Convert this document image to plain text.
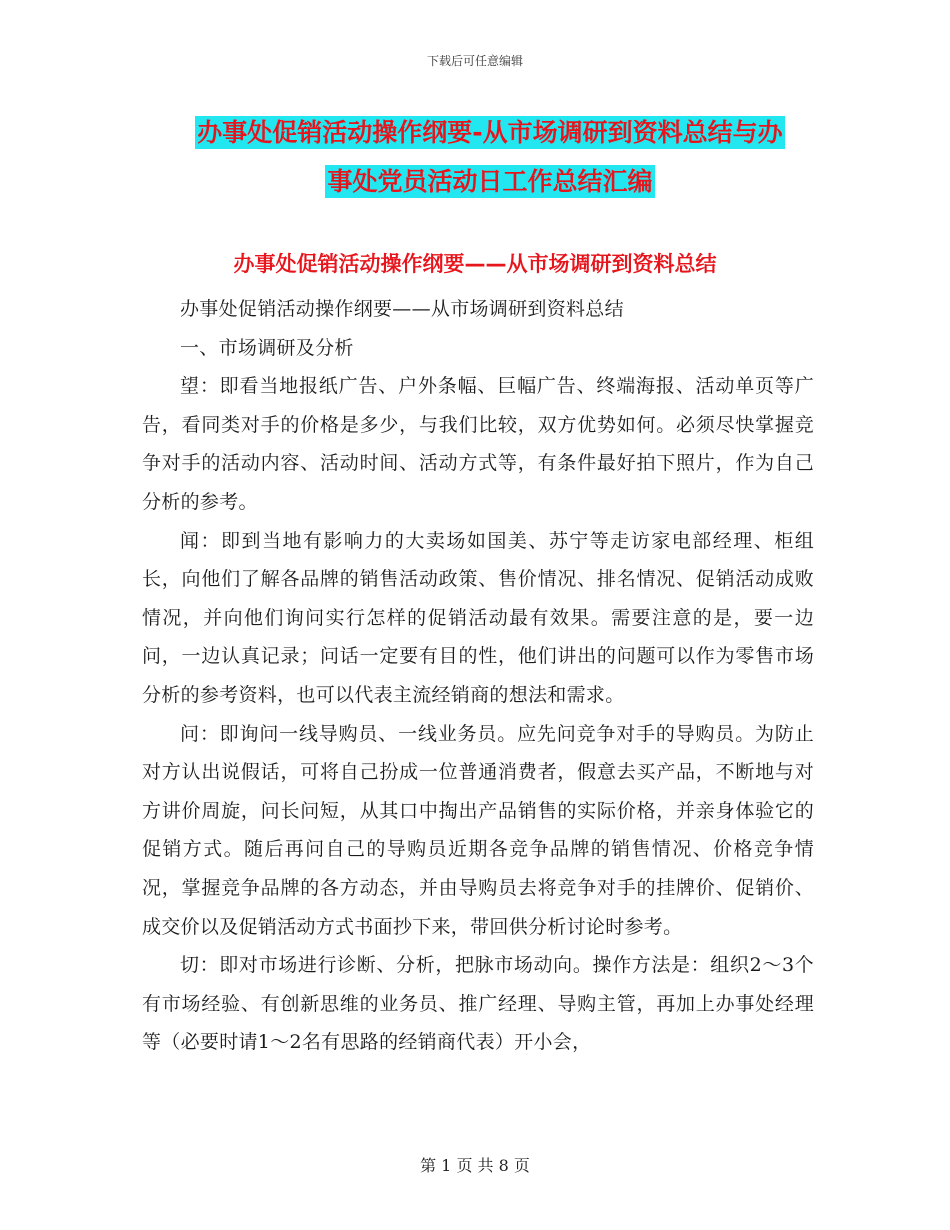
下载后可任意编辑
办事处促销活动操作纲要-从市场调研到资料总结与办
事处党员活动日工作总结汇编
办事处促销活动操作纲要——从市场调研到资料总结

办事处促销活动操作纲要——从市场调研到资料总结

一、市场调研及分析

望：即看当地报纸广告、户外条幅、巨幅广告、终端海报、活动单页等广告，看同类对手的价格是多少，与我们比较，双方优势如何。必须尽快掌握竞争对手的活动内容、活动时间、活动方式等，有条件最好拍下照片，作为自己分析的参考。

闻：即到当地有影响力的大卖场如国美、苏宁等走访家电部经理、柜组长，向他们了解各品牌的销售活动政策、售价情况、排名情况、促销活动成败情况，并向他们询问实行怎样的促销活动最有效果。需要注意的是，要一边问，一边认真记录；问话一定要有目的性，他们讲出的问题可以作为零售市场分析的参考资料，也可以代表主流经销商的想法和需求。

问：即询问一线导购员、一线业务员。应先问竞争对手的导购员。为防止对方认出说假话，可将自己扮成一位普通消费者，假意去买产品，不断地与对方讲价周旋，问长问短，从其口中掏出产品销售的实际价格，并亲身体验它的促销方式。随后再问自己的导购员近期各竞争品牌的销售情况、价格竞争情况，掌握竞争品牌的各方动态，并由导购员去将竞争对手的挂牌价、促销价、成交价以及促销活动方式书面抄下来，带回供分析讨论时参考。

切：即对市场进行诊断、分析，把脉市场动向。操作方法是：组织2～3个有市场经验、有创新思维的业务员、推广经理、导购主管，再加上办事处经理等（必要时请1～2名有思路的经销商代表）开小会，

第 1 页 共 8 页
